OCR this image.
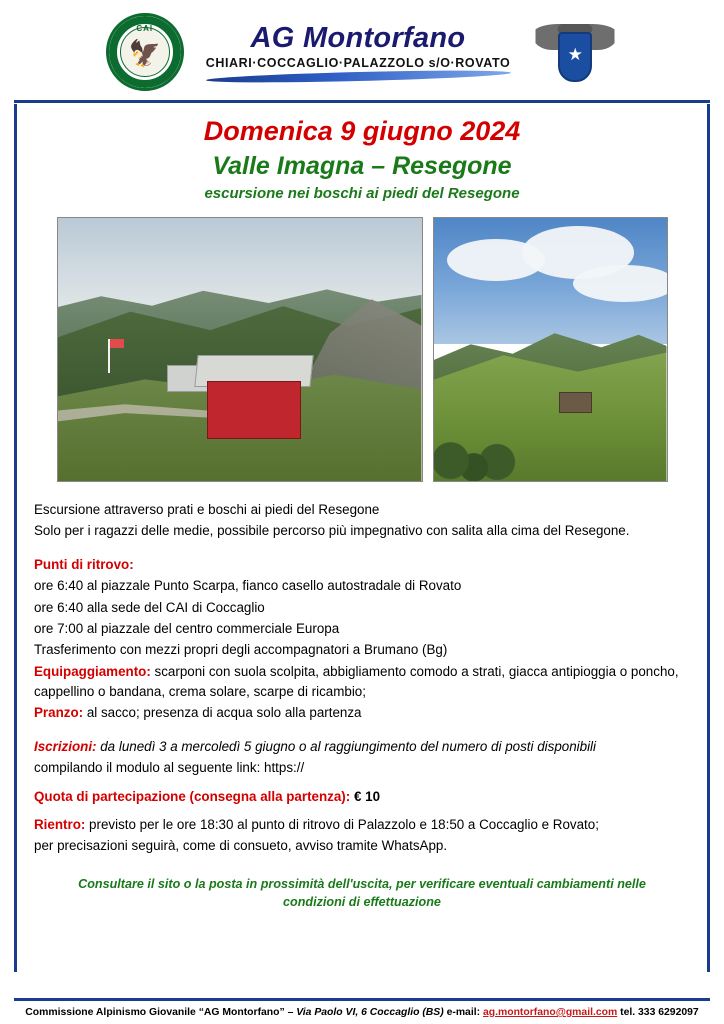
CAI
🦅	AG Montorfano
CHIARI·COCCAGLIO·PALAZZOLO s/O·ROVATO
★
Domenica 9 giugno 2024
Valle Imagna – Resegone
escursione nei boschi ai piedi del Resegone

Escursione attraverso prati e boschi ai piedi del Resegone

Solo per i ragazzi delle medie, possibile percorso più impegnativo con salita alla cima del Resegone.

Punti di ritrovo:

ore 6:40 al piazzale Punto Scarpa, fianco casello autostradale di Rovato

ore 6:40 alla sede del CAI di Coccaglio

ore 7:00 al piazzale del centro commerciale Europa

Trasferimento con mezzi propri degli accompagnatori a Brumano (Bg)

Equipaggiamento: scarponi con suola scolpita, abbigliamento comodo a strati, giacca antipioggia o poncho, cappellino o bandana, crema solare, scarpe di ricambio;

Pranzo: al sacco; presenza di acqua solo alla partenza

Iscrizioni: da lunedì 3 a mercoledì 5 giugno o al raggiungimento del numero di posti disponibili

compilando il modulo al seguente link: https://

Quota di partecipazione (consegna alla partenza): € 10

Rientro: previsto per le ore 18:30 al punto di ritrovo di Palazzolo e 18:50 a Coccaglio e Rovato;

per precisazioni seguirà, come di consueto, avviso tramite WhatsApp.

Consultare il sito o la posta in prossimità dell'uscita, per verificare eventuali cambiamenti nelle
condizioni di effettuazione
Commissione Alpinismo Giovanile “AG Montorfano” – Via Paolo VI, 6 Coccaglio (BS) e-mail: ag.montorfano@gmail.com tel. 333 6292097
